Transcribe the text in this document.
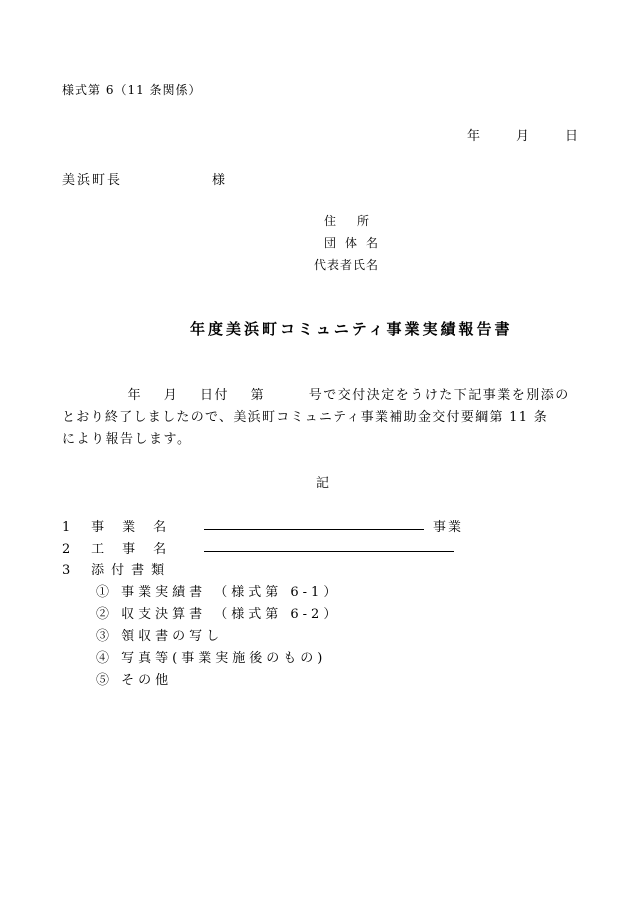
様式第 6（11 条関係）
年	月	日
美浜町長	様
住所
団体名
代表者氏名
年度美浜町コミュニティ事業実績報告書
年 月 日付 第	号で交付決定をうけた下記事業を別添の
とおり終了しましたので、美浜町コミュニティ事業補助金交付要綱第 11 条
により報告します。
記
1 事業名	事業
2 工事名
3 添付書類
① 事業実績書 （様式第 6-1）
② 収支決算書 （様式第 6-2）
③ 領収書の写し
④ 写真等(事業実施後のもの)
⑤ その他
